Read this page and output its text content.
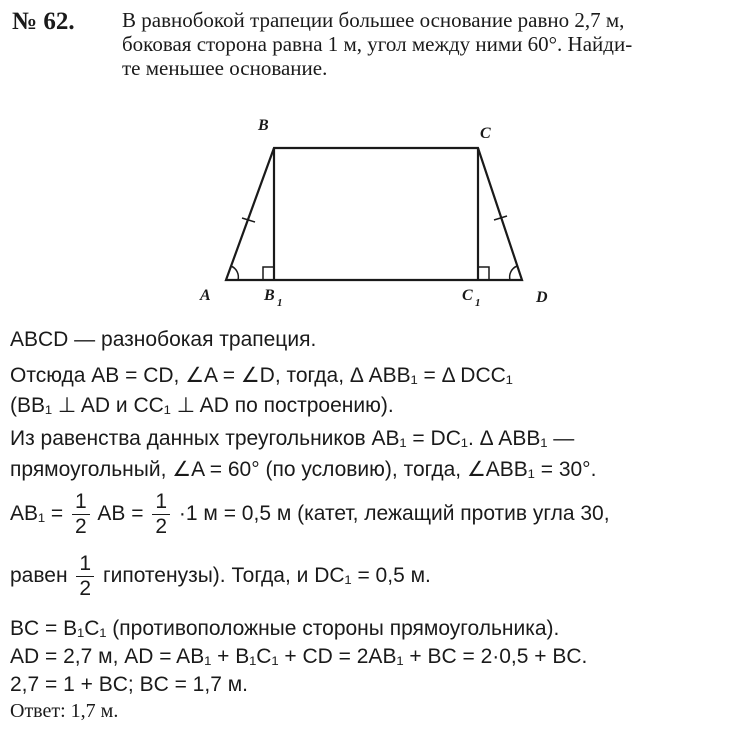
№ 62. В равнобокой трапеции большее основание равно 2,7 м,
боковая сторона равна 1 м, угол между ними 60°. Найди-
те меньшее основание.
B	C
A	D
B 1	C 1
ABCD — разнобокая трапеция.
Отсюда AB = CD, ∠A = ∠D, тогда, Δ ABB₁ = Δ DCC₁
(BB₁ ⊥ AD и CC₁ ⊥ AD по построению).
Из равенства данных треугольников AB₁ = DC₁. Δ ABB₁ —
прямоугольный, ∠A = 60° (по условию), тогда, ∠ABB₁ = 30°.
$AB_1 = \frac{1}{2}$ AB = $\frac{1}{2} \cdot 1$ м = 0,5 м (катет, лежащий против угла 30,
равен $\frac{1}{2}$ гипотенузы). Тогда, и DC₁ = 0,5 м.
BC = B₁C₁ (противоположные стороны прямоугольника).
AD = 2,7 м, AD = AB₁ + B₁C₁ + CD = 2AB₁ + BC = 2·0,5 + BC.
2,7 = 1 + BC; BC = 1,7 м.
Ответ: 1,7 м.
